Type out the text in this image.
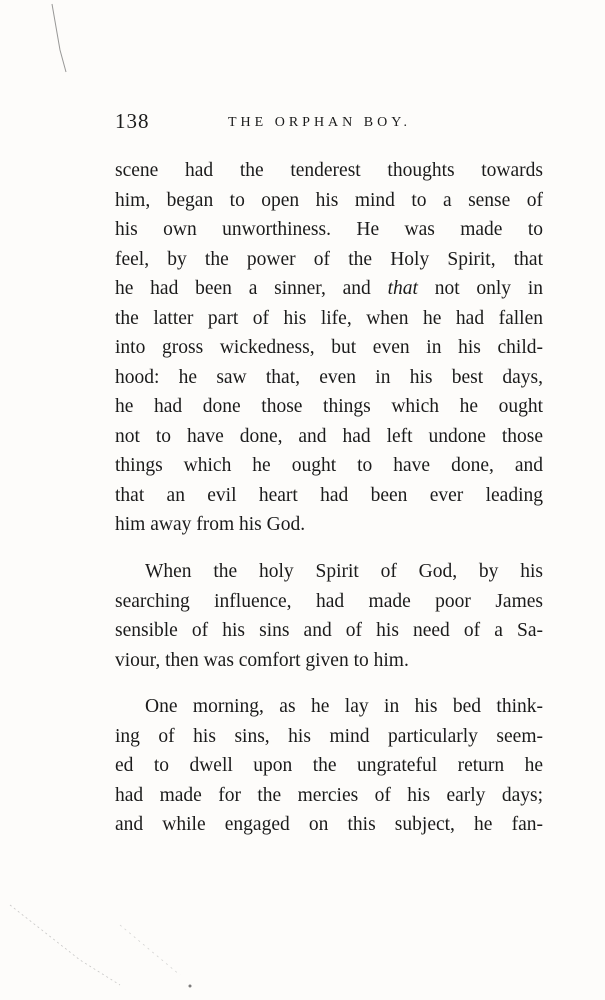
138	THE ORPHAN BOY.
scene had the tenderest thoughts towards
him, began to open his mind to a sense of
his own unworthiness. He was made to
feel, by the power of the Holy Spirit, that
he had been a sinner, and that not only in
the latter part of his life, when he had fallen
into gross wickedness, but even in his child-
hood: he saw that, even in his best days,
he had done those things which he ought
not to have done, and had left undone those
things which he ought to have done, and
that an evil heart had been ever leading
him away from his God.
When the holy Spirit of God, by his
searching influence, had made poor James
sensible of his sins and of his need of a Sa-
viour, then was comfort given to him.
One morning, as he lay in his bed think-
ing of his sins, his mind particularly seem-
ed to dwell upon the ungrateful return he
had made for the mercies of his early days;
and while engaged on this subject, he fan-
